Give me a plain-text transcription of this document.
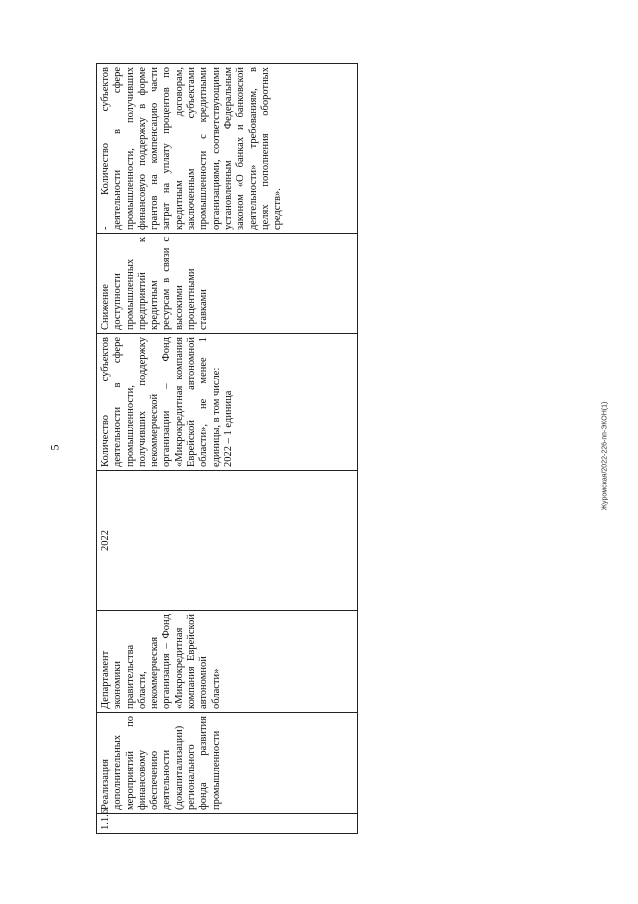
5	Журомская/2022-226-пп-ЭКОН(1)
1.1.6	Реализация дополнительных мероприятий по финансовому обеспечению деятельности (докапитализации) регионального фонда развития промышленности	Департамент экономики правительства области, некоммерческая организация – Фонд «Микрокредитная компания Еврейской автономной области»	2022	Количество субъектов деятельности в сфере промышленности, получивших поддержку некоммерческой организации – Фонд «Микрокредитная компания Еврейской автономной области», не менее 1 единицы, в том числе:
2022 – 1 единица	Снижение доступности промышленных предприятий к кредитным ресурсам в связи с высокими процентными ставками	- Количество субъектов деятельности в сфере промышленности, получивших финансовую поддержку в форме грантов на компенсацию части затрат на уплату процентов по кредитным договорам, заключенным субъектами промышленности с кредитными организациями, соответствующими установленным Федеральным законом «О банках и банковской деятельности» требованиям, в целях пополнения оборотных средств».
